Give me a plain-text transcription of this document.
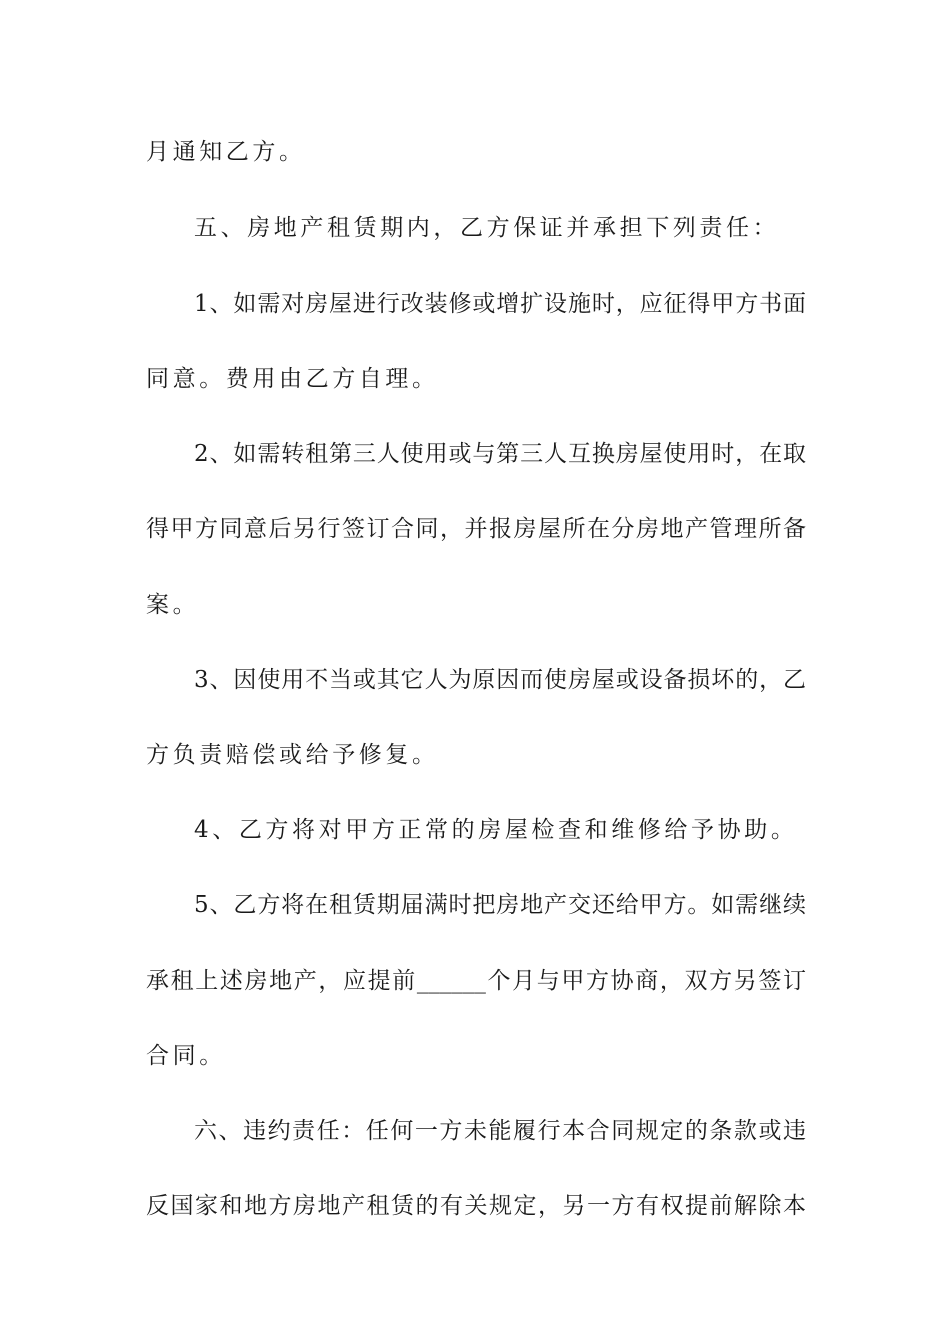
月通知乙方。
五、房地产租赁期内，乙方保证并承担下列责任：
1、如需对房屋进行改装修或增扩设施时，应征得甲方书面
同意。费用由乙方自理。
2、如需转租第三人使用或与第三人互换房屋使用时，在取
得甲方同意后另行签订合同，并报房屋所在分房地产管理所备
案。
3、因使用不当或其它人为原因而使房屋或设备损坏的，乙
方负责赔偿或给予修复。
4、乙方将对甲方正常的房屋检查和维修给予协助。
5、乙方将在租赁期届满时把房地产交还给甲方。如需继续
承租上述房地产，应提前______个月与甲方协商，双方另签订
合同。
六、违约责任：任何一方未能履行本合同规定的条款或违
反国家和地方房地产租赁的有关规定，另一方有权提前解除本
